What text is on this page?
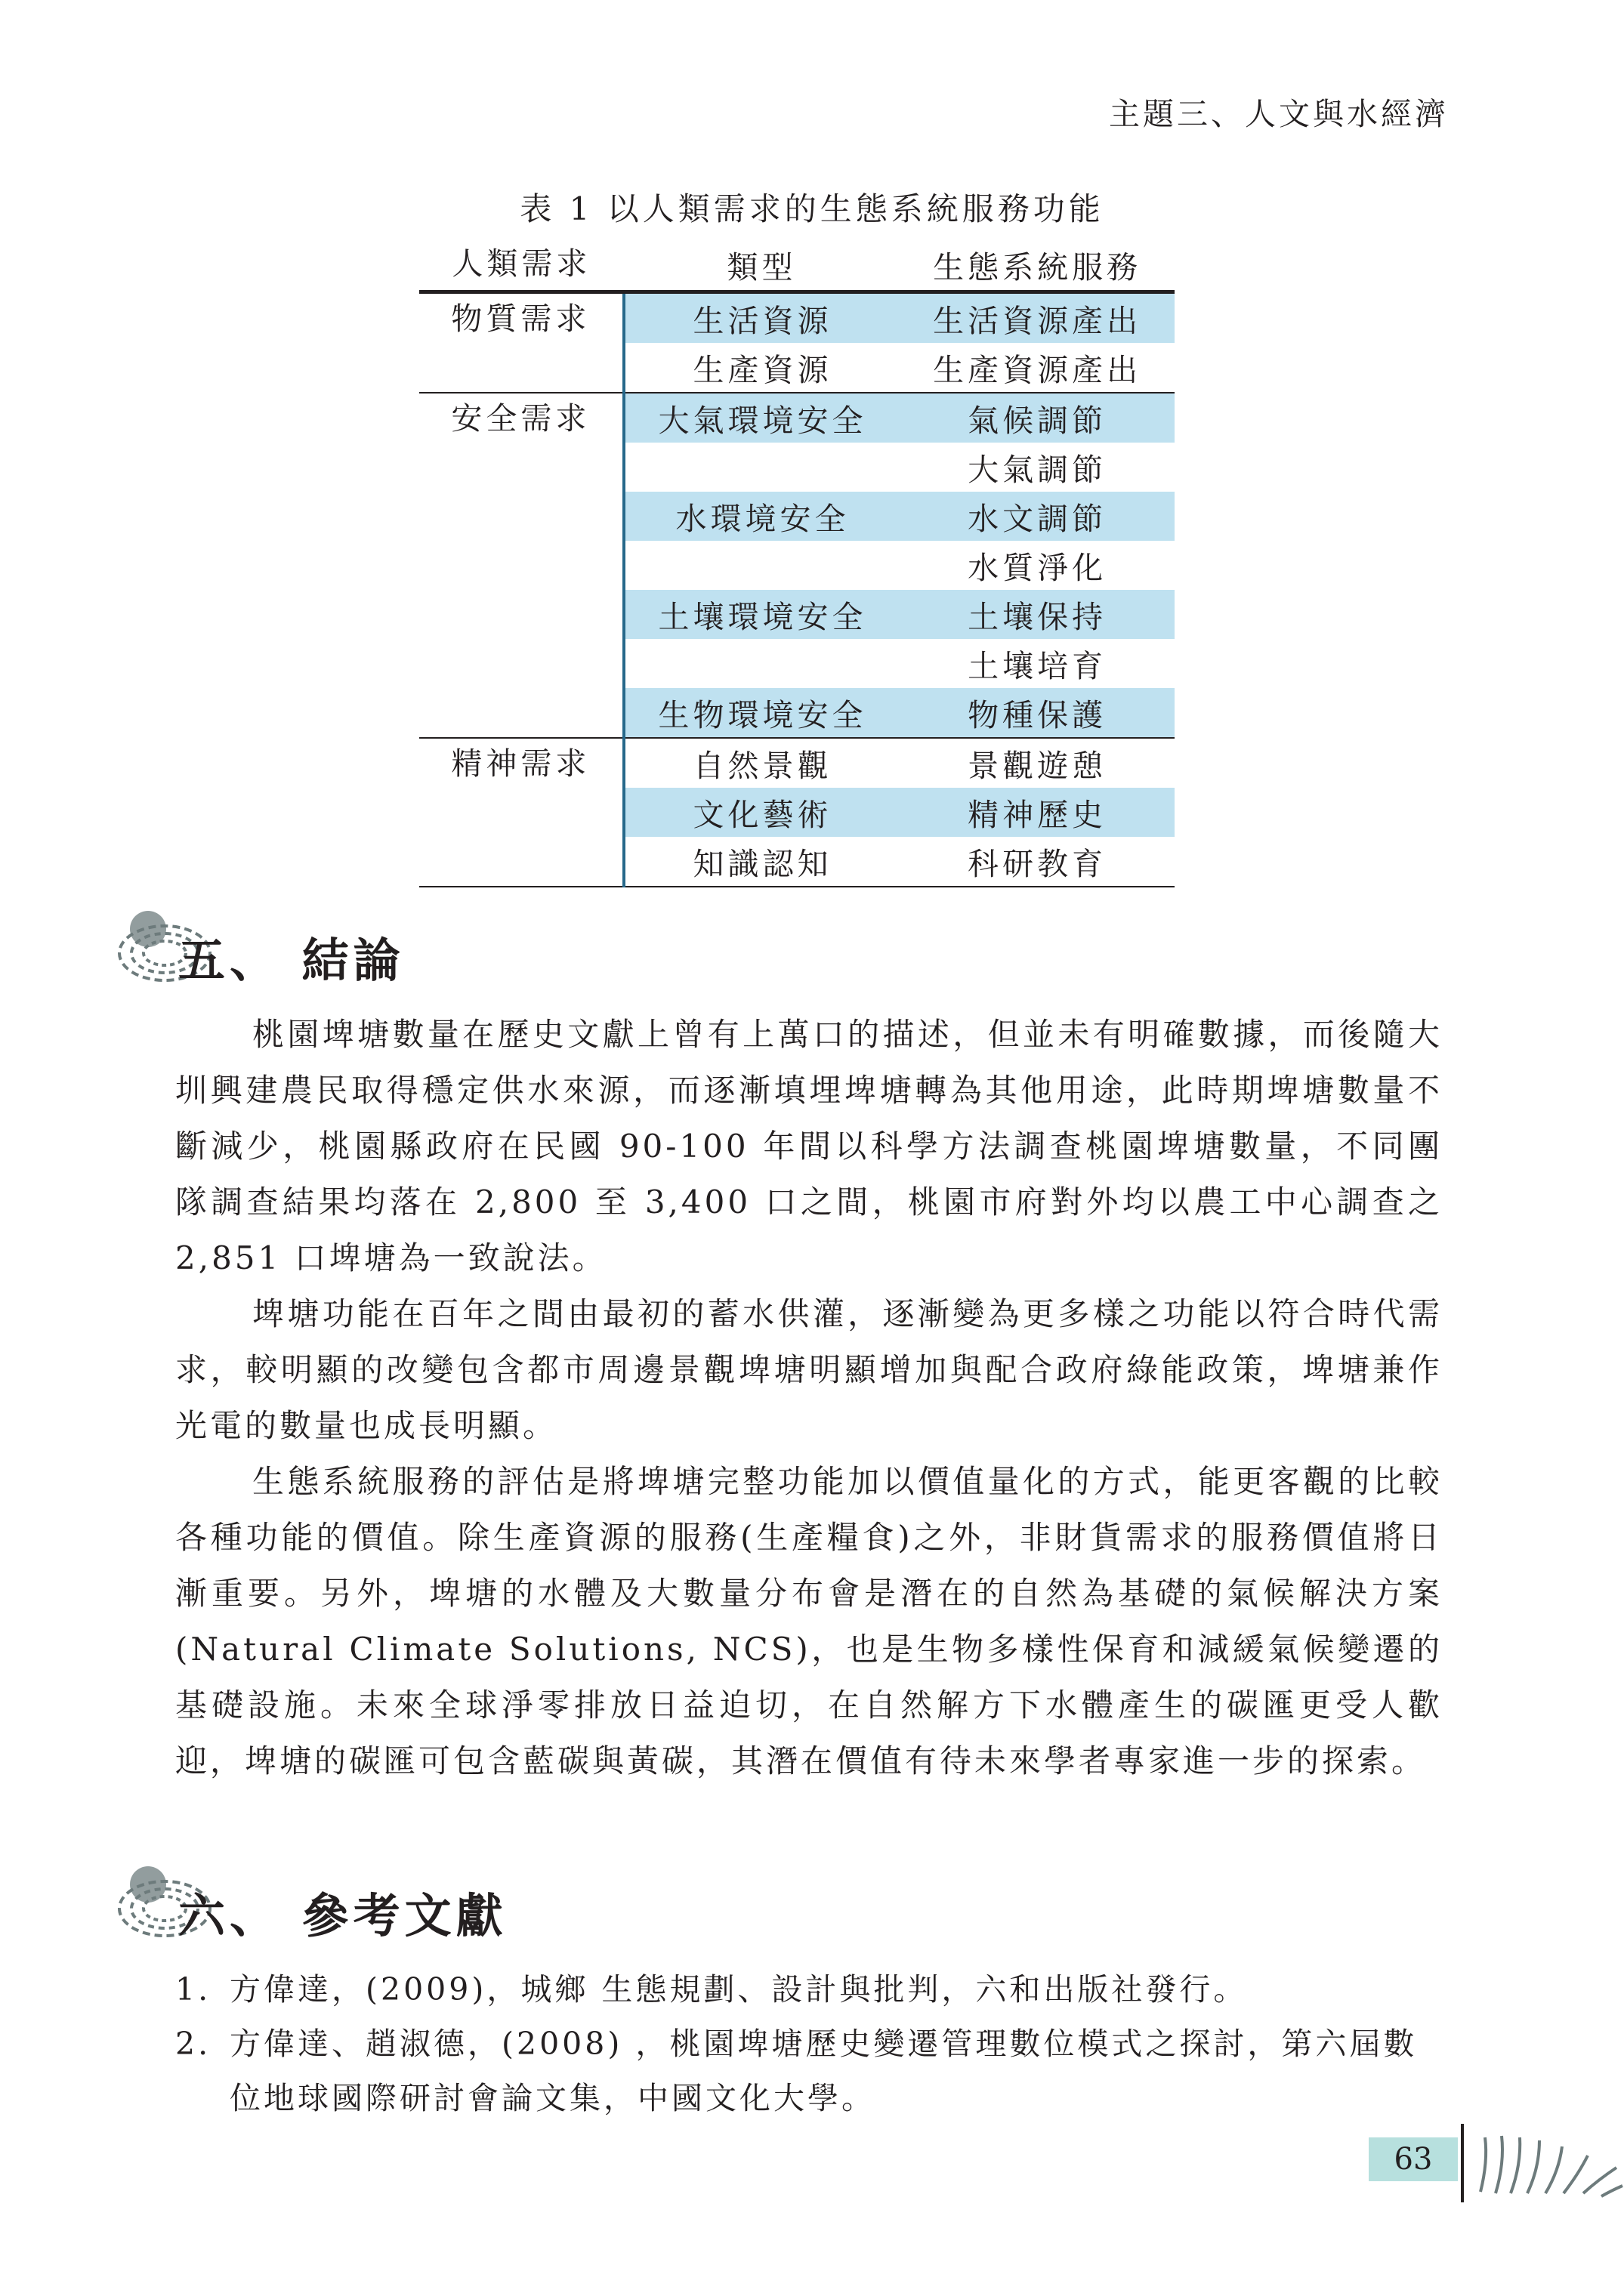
主題三、人文與水經濟
表 1 以人類需求的生態系統服務功能
人類需求	類型	生態系統服務
物質需求	生活資源	生活資源產出
	生產資源	生產資源產出
安全需求	大氣環境安全	氣候調節
		大氣調節
	水環境安全	水文調節
		水質淨化
	土壤環境安全	土壤保持
		土壤培育
	生物環境安全	物種保護
精神需求	自然景觀	景觀遊憩
	文化藝術	精神歷史
	知識認知	科研教育
五、 結論

桃園埤塘數量在歷史文獻上曾有上萬口的描述，但並未有明確數據，而後隨大圳興建農民取得穩定供水來源，而逐漸填埋埤塘轉為其他用途，此時期埤塘數量不斷減少，桃園縣政府在民國 90-100 年間以科學方法調查桃園埤塘數量，不同團隊調查結果均落在 2,800 至 3,400 口之間，桃園市府對外均以農工中心調查之 2,851 口埤塘為一致說法。

埤塘功能在百年之間由最初的蓄水供灌，逐漸變為更多樣之功能以符合時代需求，較明顯的改變包含都市周邊景觀埤塘明顯增加與配合政府綠能政策，埤塘兼作光電的數量也成長明顯。

生態系統服務的評估是將埤塘完整功能加以價值量化的方式，能更客觀的比較各種功能的價值。除生產資源的服務(生產糧食)之外，非財貨需求的服務價值將日漸重要。另外，埤塘的水體及大數量分布會是潛在的自然為基礎的氣候解決方案(Natural Climate Solutions, NCS)，也是生物多樣性保育和減緩氣候變遷的基礎設施。未來全球淨零排放日益迫切，在自然解方下水體產生的碳匯更受人歡迎，埤塘的碳匯可包含藍碳與黃碳，其潛在價值有待未來學者專家進一步的探索。

六、 參考文獻
1. 方偉達，(2009)，城鄉 生態規劃、設計與批判，六和出版社發行。
2. 方偉達、趙淑德，(2008) ，桃園埤塘歷史變遷管理數位模式之探討，第六屆數位地球國際研討會論文集，中國文化大學。
63
